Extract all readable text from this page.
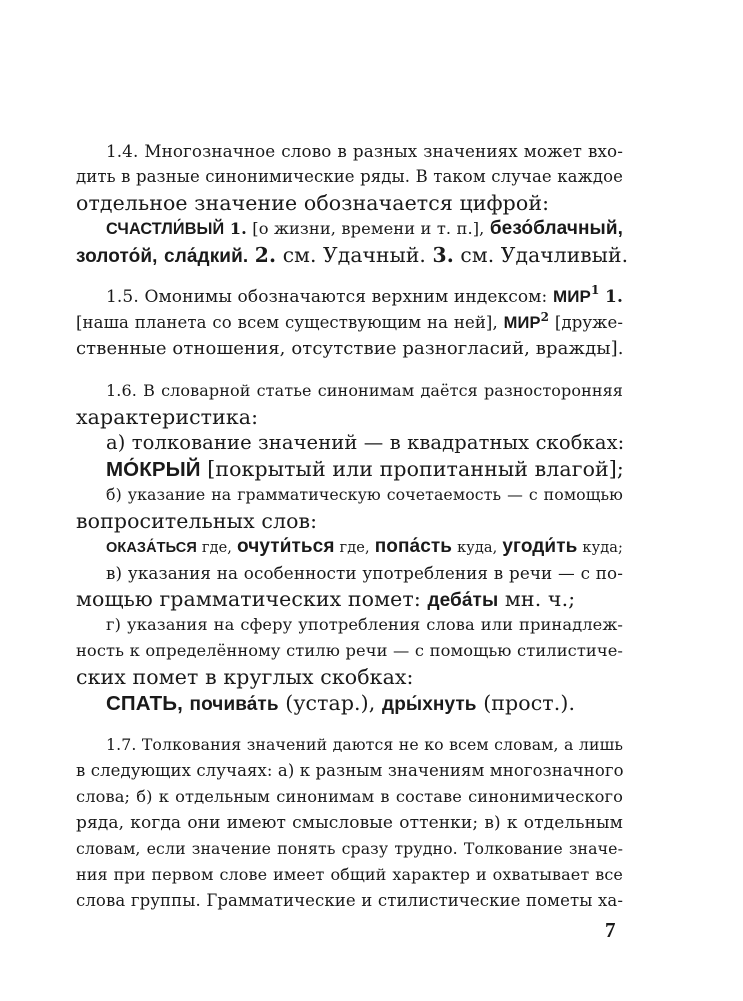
1.4. Многозначное слово в разных значениях может вхо-
дить в разные синонимические ряды. В таком случае каждое
отдельное значение обозначается цифрой:
СЧАСТЛИ́ВЫЙ 1. [о жизни, времени и т. п.], безо́блачный,
золото́й, сла́дкий. 2. см. Удачный. 3. см. Удачливый.
1.5. Омонимы обозначаются верхним индексом: МИР$^1$ 1.
[наша планета со всем существующим на ней], МИР$^2$ [друже-
ственные отношения, отсутствие разногласий, вражды].
1.6. В словарной статье синонимам даётся разносторонняя
характеристика:
а) толкование значений — в квадратных скобках:
МО́КРЫЙ [покрытый или пропитанный влагой];
б) указание на грамматическую сочетаемость — с помощью
вопросительных слов:
ОКАЗА́ТЬСЯ где, очути́ться где, попа́сть куда, угоди́ть куда;
в) указания на особенности употребления в речи — с по-
мощью грамматических помет: деба́ты мн. ч.;
г) указания на сферу употребления слова или принадлеж-
ность к определённому стилю речи — с помощью стилистиче-
ских помет в круглых скобках:
СПАТЬ, почива́ть (устар.), дры́хнуть (прост.).
1.7. Толкования значений даются не ко всем словам, а лишь
в следующих случаях: а) к разным значениям многозначного
слова; б) к отдельным синонимам в составе синонимического
ряда, когда они имеют смысловые оттенки; в) к отдельным
словам, если значение понять сразу трудно. Толкование значе-
ния при первом слове имеет общий характер и охватывает все
слова группы. Грамматические и стилистические пометы ха-
7
